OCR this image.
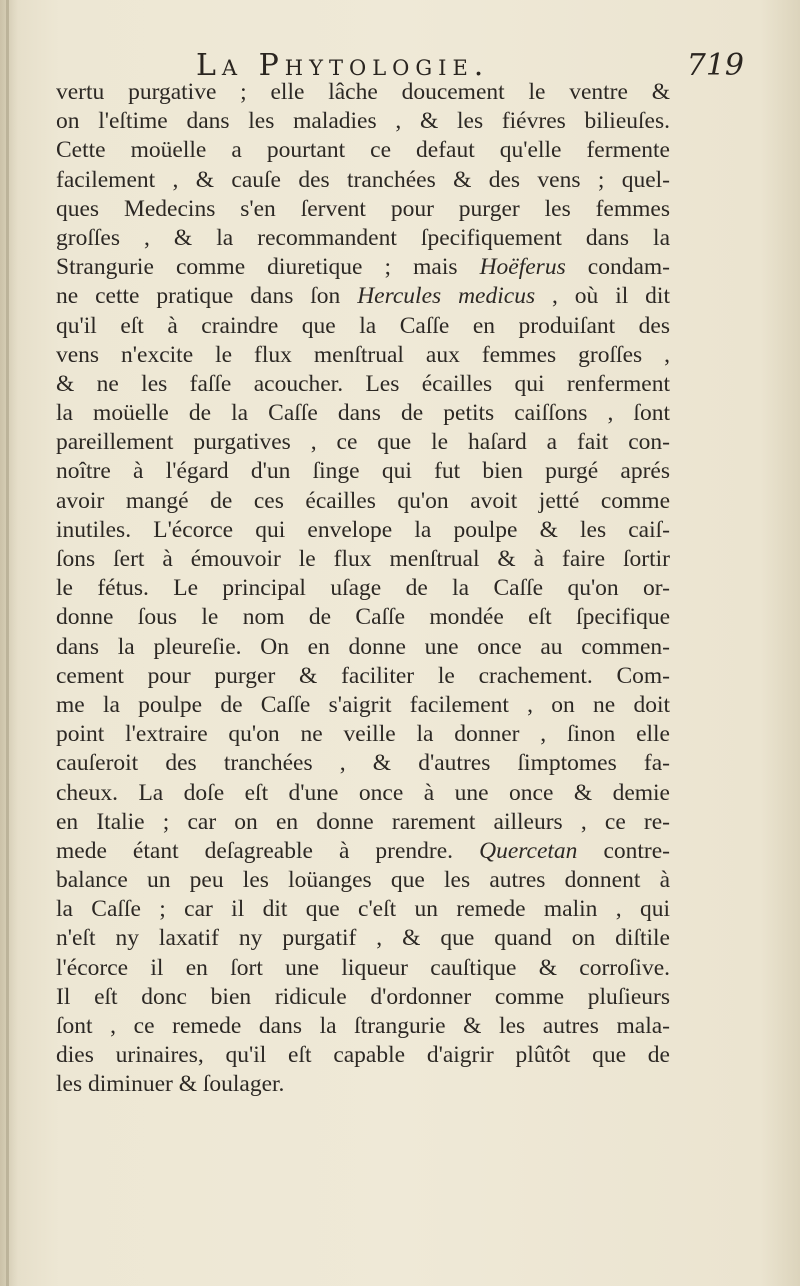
La Phytologie.	719
vertu purgative ; elle lâche doucement le ventre &
on l'eſtime dans les maladies , & les fiévres bilieuſes.
Cette moüelle a pourtant ce defaut qu'elle fermente
facilement , & cauſe des tranchées & des vens ; quel-
ques Medecins s'en ſervent pour purger les femmes
groſſes , & la recommandent ſpecifiquement dans la
Strangurie comme diuretique ; mais Hoëferus condam-
ne cette pratique dans ſon Hercules medicus , où il dit
qu'il eſt à craindre que la Caſſe en produiſant des
vens n'excite le flux menſtrual aux femmes groſſes ,
& ne les faſſe acoucher. Les écailles qui renferment
la moüelle de la Caſſe dans de petits caiſſons , ſont
pareillement purgatives , ce que le haſard a fait con-
noître à l'égard d'un ſinge qui fut bien purgé aprés
avoir mangé de ces écailles qu'on avoit jetté comme
inutiles. L'écorce qui envelope la poulpe & les caiſ-
ſons ſert à émouvoir le flux menſtrual & à faire ſortir
le fétus. Le principal uſage de la Caſſe qu'on or-
donne ſous le nom de Caſſe mondée eſt ſpecifique
dans la pleureſie. On en donne une once au commen-
cement pour purger & faciliter le crachement. Com-
me la poulpe de Caſſe s'aigrit facilement , on ne doit
point l'extraire qu'on ne veille la donner , ſinon elle
cauſeroit des tranchées , & d'autres ſimptomes fa-
cheux. La doſe eſt d'une once à une once & demie
en Italie ; car on en donne rarement ailleurs , ce re-
mede étant deſagreable à prendre. Quercetan contre-
balance un peu les loüanges que les autres donnent à
la Caſſe ; car il dit que c'eſt un remede malin , qui
n'eſt ny laxatif ny purgatif , & que quand on diſtile
l'écorce il en ſort une liqueur cauſtique & corroſive.
Il eſt donc bien ridicule d'ordonner comme pluſieurs
ſont , ce remede dans la ſtrangurie & les autres mala-
dies urinaires, qu'il eſt capable d'aigrir plûtôt que de
les diminuer & ſoulager.
